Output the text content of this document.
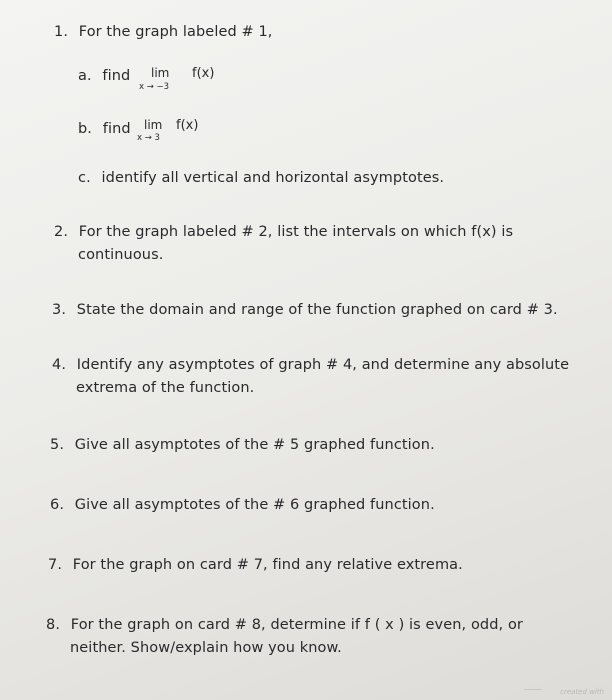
1. For the graph labeled # 1,
a. find lim
x → −3
f(x)
b. find lim
x → 3
f(x)
c. identify all vertical and horizontal asymptotes.
2. For the graph labeled # 2, list the intervals on which f(x) is
continuous.
3. State the domain and range of the function graphed on card # 3.
4. Identify any asymptotes of graph # 4, and determine any absolute
extrema of the function.
5. Give all asymptotes of the # 5 graphed function.
6. Give all asymptotes of the # 6 graphed function.
7. For the graph on card # 7, find any relative extrema.
8. For the graph on card # 8, determine if f ( x ) is even, odd, or
neither. Show/explain how you know.
created with
